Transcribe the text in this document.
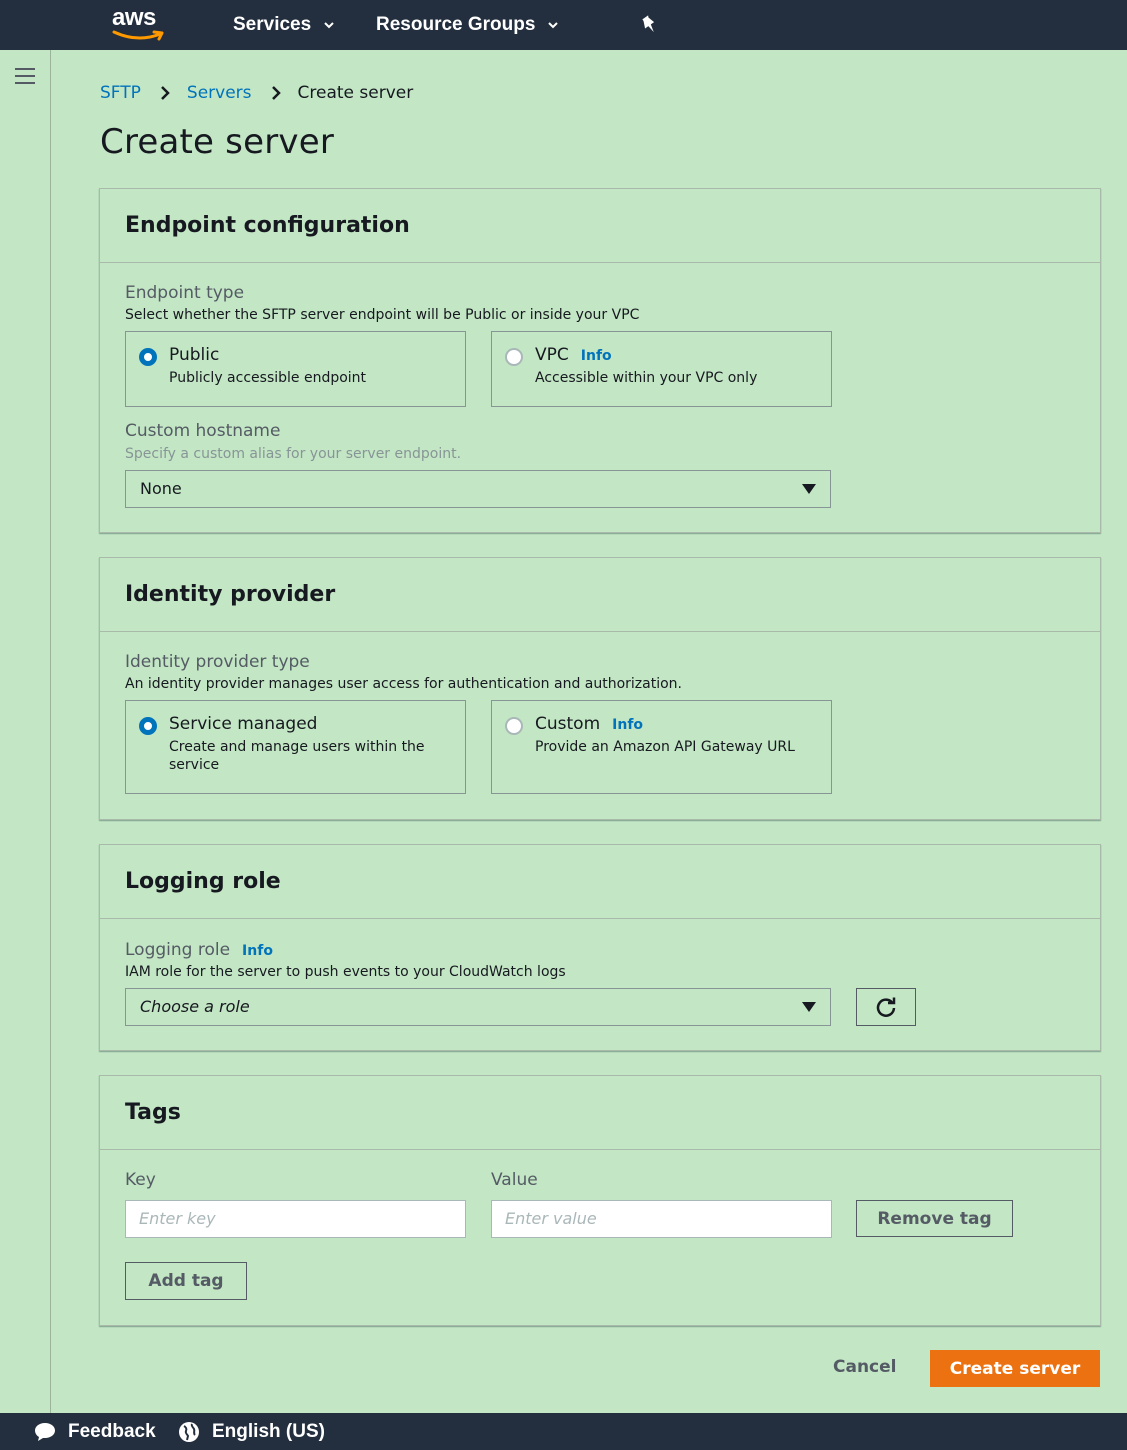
aws	Services	Resource Groups
SFTP	Servers	Create server
Create server
Endpoint configuration
Endpoint type
Select whether the SFTP server endpoint will be Public or inside your VPC
Public
Publicly accessible endpoint
VPC Info
Accessible within your VPC only
Custom hostname
Specify a custom alias for your server endpoint.
None
Identity provider
Identity provider type
An identity provider manages user access for authentication and authorization.
Service managed
Create and manage users within the service
Custom Info
Provide an Amazon API Gateway URL
Logging role
Logging role Info
IAM role for the server to push events to your CloudWatch logs
Choose a role
Tags
Key	Value
Enter key	Enter value	Remove tag
Add tag
Cancel	Create server
Feedback	English (US)
